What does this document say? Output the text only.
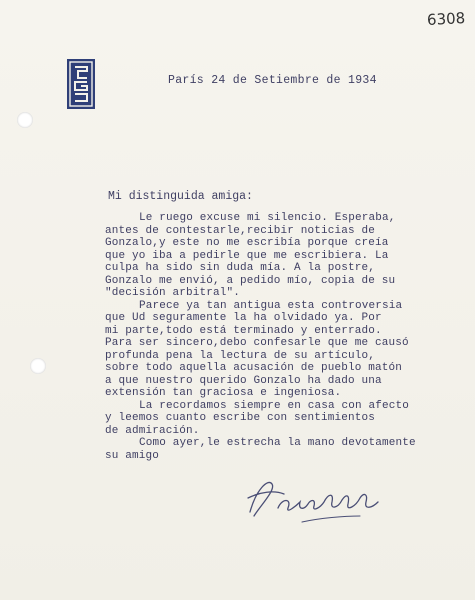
6308
París 24 de Setiembre de 1934
Mi distinguida amiga:
Le ruego excuse mi silencio. Esperaba,
antes de contestarle,recibir noticias de
Gonzalo,y este no me escribía porque creía
que yo iba a pedirle que me escribiera. La
culpa ha sido sin duda mía. A la postre,
Gonzalo me envió, a pedido mío, copia de su
"decisión arbitral".
Parece ya tan antigua esta controversia
que Ud seguramente la ha olvidado ya. Por
mi parte,todo está terminado y enterrado.
Para ser sincero,debo confesarle que me causó
profunda pena la lectura de su artículo,
sobre todo aquella acusación de pueblo matón
a que nuestro querido Gonzalo ha dado una
extensión tan graciosa e ingeniosa.
La recordamos siempre en casa con afecto
y leemos cuanto escribe con sentimientos
de admiración.
Como ayer,le estrecha la mano devotamente
su amigo
